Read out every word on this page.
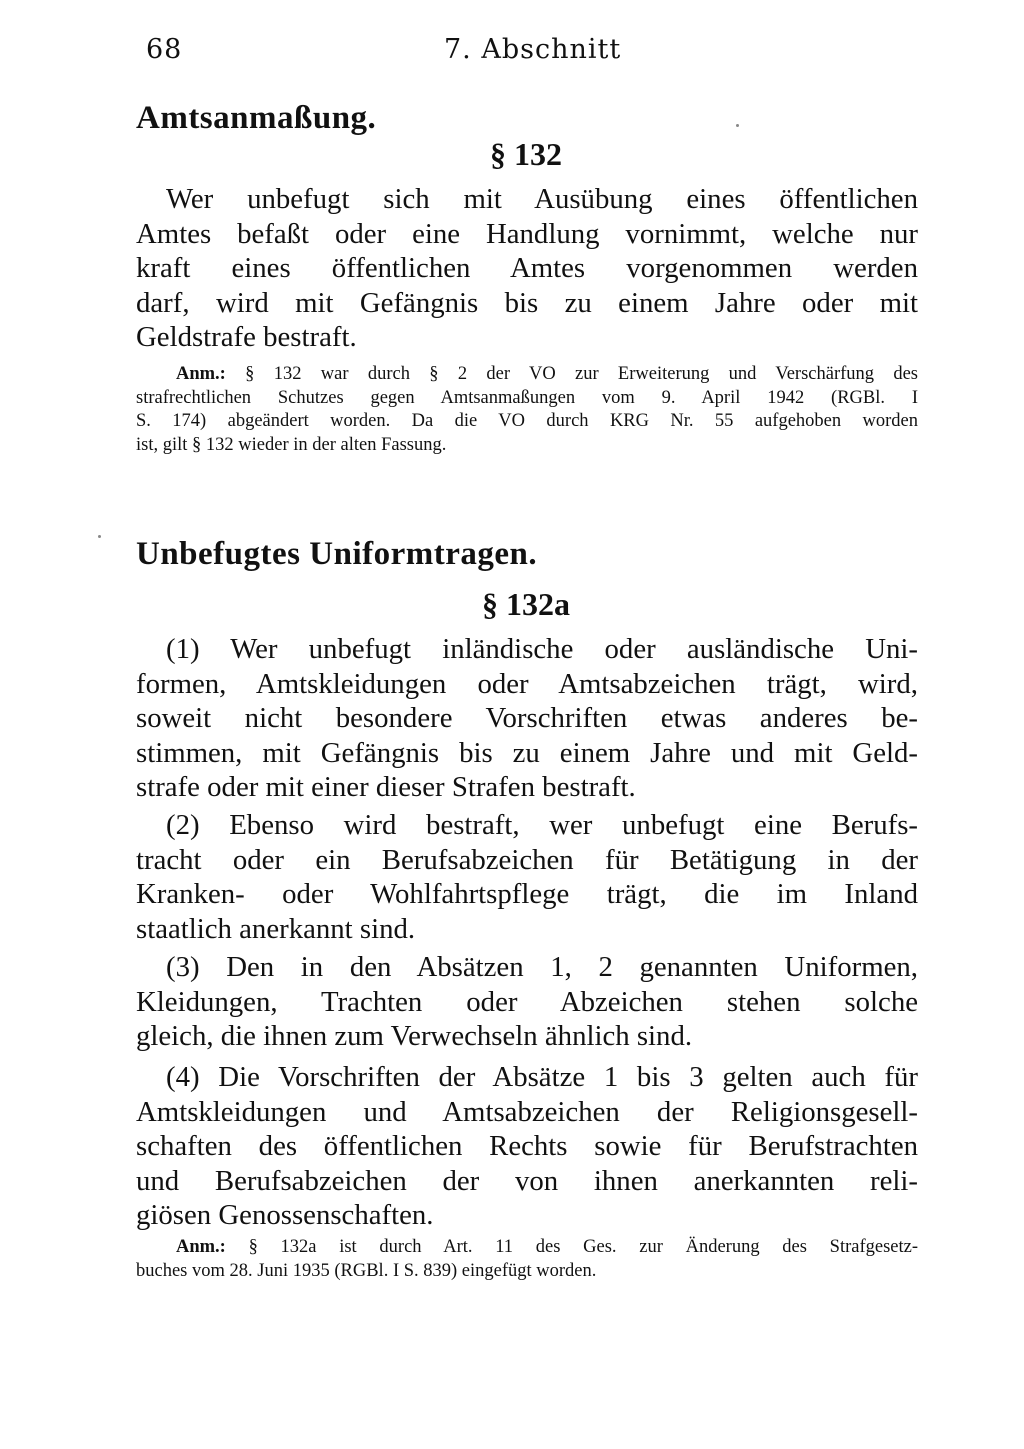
68	7. Abschnitt
Amtsanmaßung.
§ 132
Wer unbefugt sich mit Ausübung eines öffentlichen
Amtes befaßt oder eine Handlung vornimmt, welche nur
kraft eines öffentlichen Amtes vorgenommen werden
darf, wird mit Gefängnis bis zu einem Jahre oder mit
Geldstrafe bestraft.
Anm.: § 132 war durch § 2 der VO zur Erweiterung und Verschärfung des
strafrechtlichen Schutzes gegen Amtsanmaßungen vom 9. April 1942 (RGBl. I
S. 174) abgeändert worden. Da die VO durch KRG Nr. 55 aufgehoben worden
ist, gilt § 132 wieder in der alten Fassung.
Unbefugtes Uniformtragen.
§ 132a
(1) Wer unbefugt inländische oder ausländische Uni-
formen, Amtskleidungen oder Amtsabzeichen trägt, wird,
soweit nicht besondere Vorschriften etwas anderes be-
stimmen, mit Gefängnis bis zu einem Jahre und mit Geld-
strafe oder mit einer dieser Strafen bestraft.
(2) Ebenso wird bestraft, wer unbefugt eine Berufs-
tracht oder ein Berufsabzeichen für Betätigung in der
Kranken- oder Wohlfahrtspflege trägt, die im Inland
staatlich anerkannt sind.
(3) Den in den Absätzen 1, 2 genannten Uniformen,
Kleidungen, Trachten oder Abzeichen stehen solche
gleich, die ihnen zum Verwechseln ähnlich sind.
(4) Die Vorschriften der Absätze 1 bis 3 gelten auch für
Amtskleidungen und Amtsabzeichen der Religionsgesell-
schaften des öffentlichen Rechts sowie für Berufstrachten
und Berufsabzeichen der von ihnen anerkannten reli-
giösen Genossenschaften.
Anm.: § 132a ist durch Art. 11 des Ges. zur Änderung des Strafgesetz-
buches vom 28. Juni 1935 (RGBl. I S. 839) eingefügt worden.
